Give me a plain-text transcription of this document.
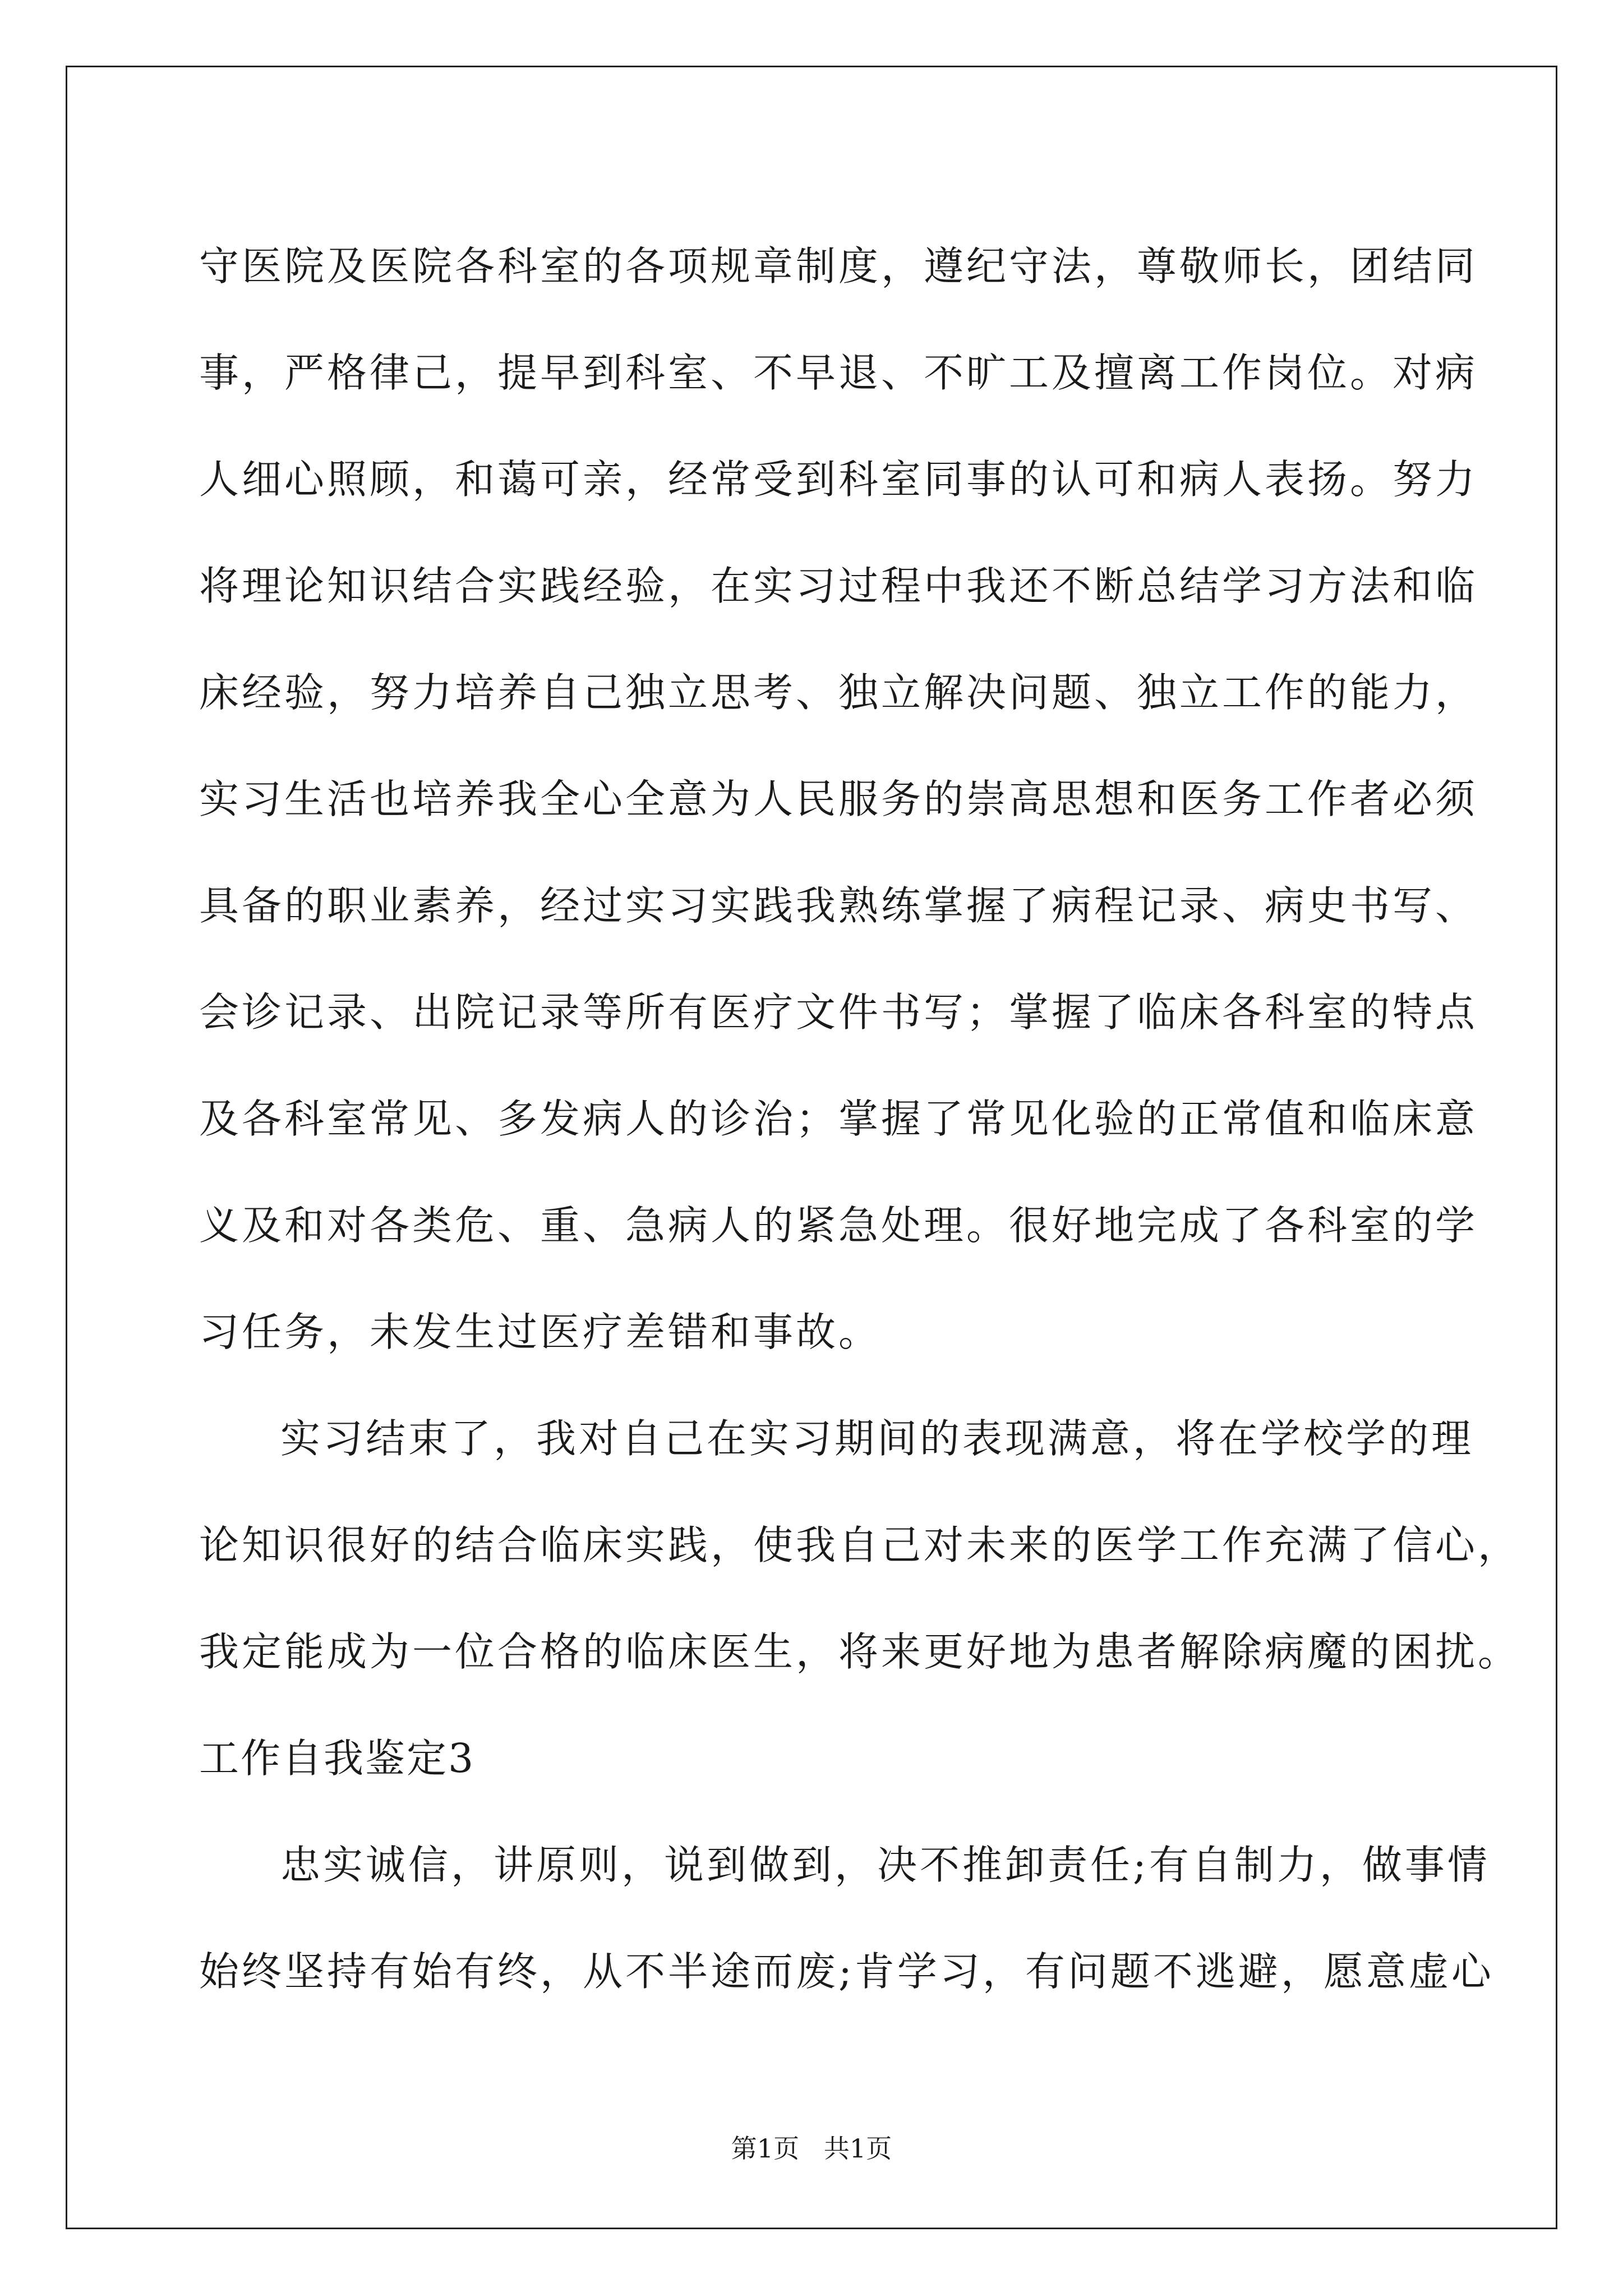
守医院及医院各科室的各项规章制度，遵纪守法，尊敬师长，团结同
事，严格律己，提早到科室、不早退、不旷工及擅离工作岗位。对病
人细心照顾，和蔼可亲，经常受到科室同事的认可和病人表扬。努力
将理论知识结合实践经验，在实习过程中我还不断总结学习方法和临
床经验，努力培养自己独立思考、独立解决问题、独立工作的能力，
实习生活也培养我全心全意为人民服务的崇高思想和医务工作者必须
具备的职业素养，经过实习实践我熟练掌握了病程记录、病史书写、
会诊记录、出院记录等所有医疗文件书写；掌握了临床各科室的特点
及各科室常见、多发病人的诊治；掌握了常见化验的正常值和临床意
义及和对各类危、重、急病人的紧急处理。很好地完成了各科室的学
习任务，未发生过医疗差错和事故。
实习结束了，我对自己在实习期间的表现满意，将在学校学的理
论知识很好的结合临床实践，使我自己对未来的医学工作充满了信心，
我定能成为一位合格的临床医生，将来更好地为患者解除病魔的困扰。
工作自我鉴定3
忠实诚信，讲原则，说到做到，决不推卸责任;有自制力，做事情
始终坚持有始有终，从不半途而废;肯学习，有问题不逃避，愿意虚心
第1页   共1页
